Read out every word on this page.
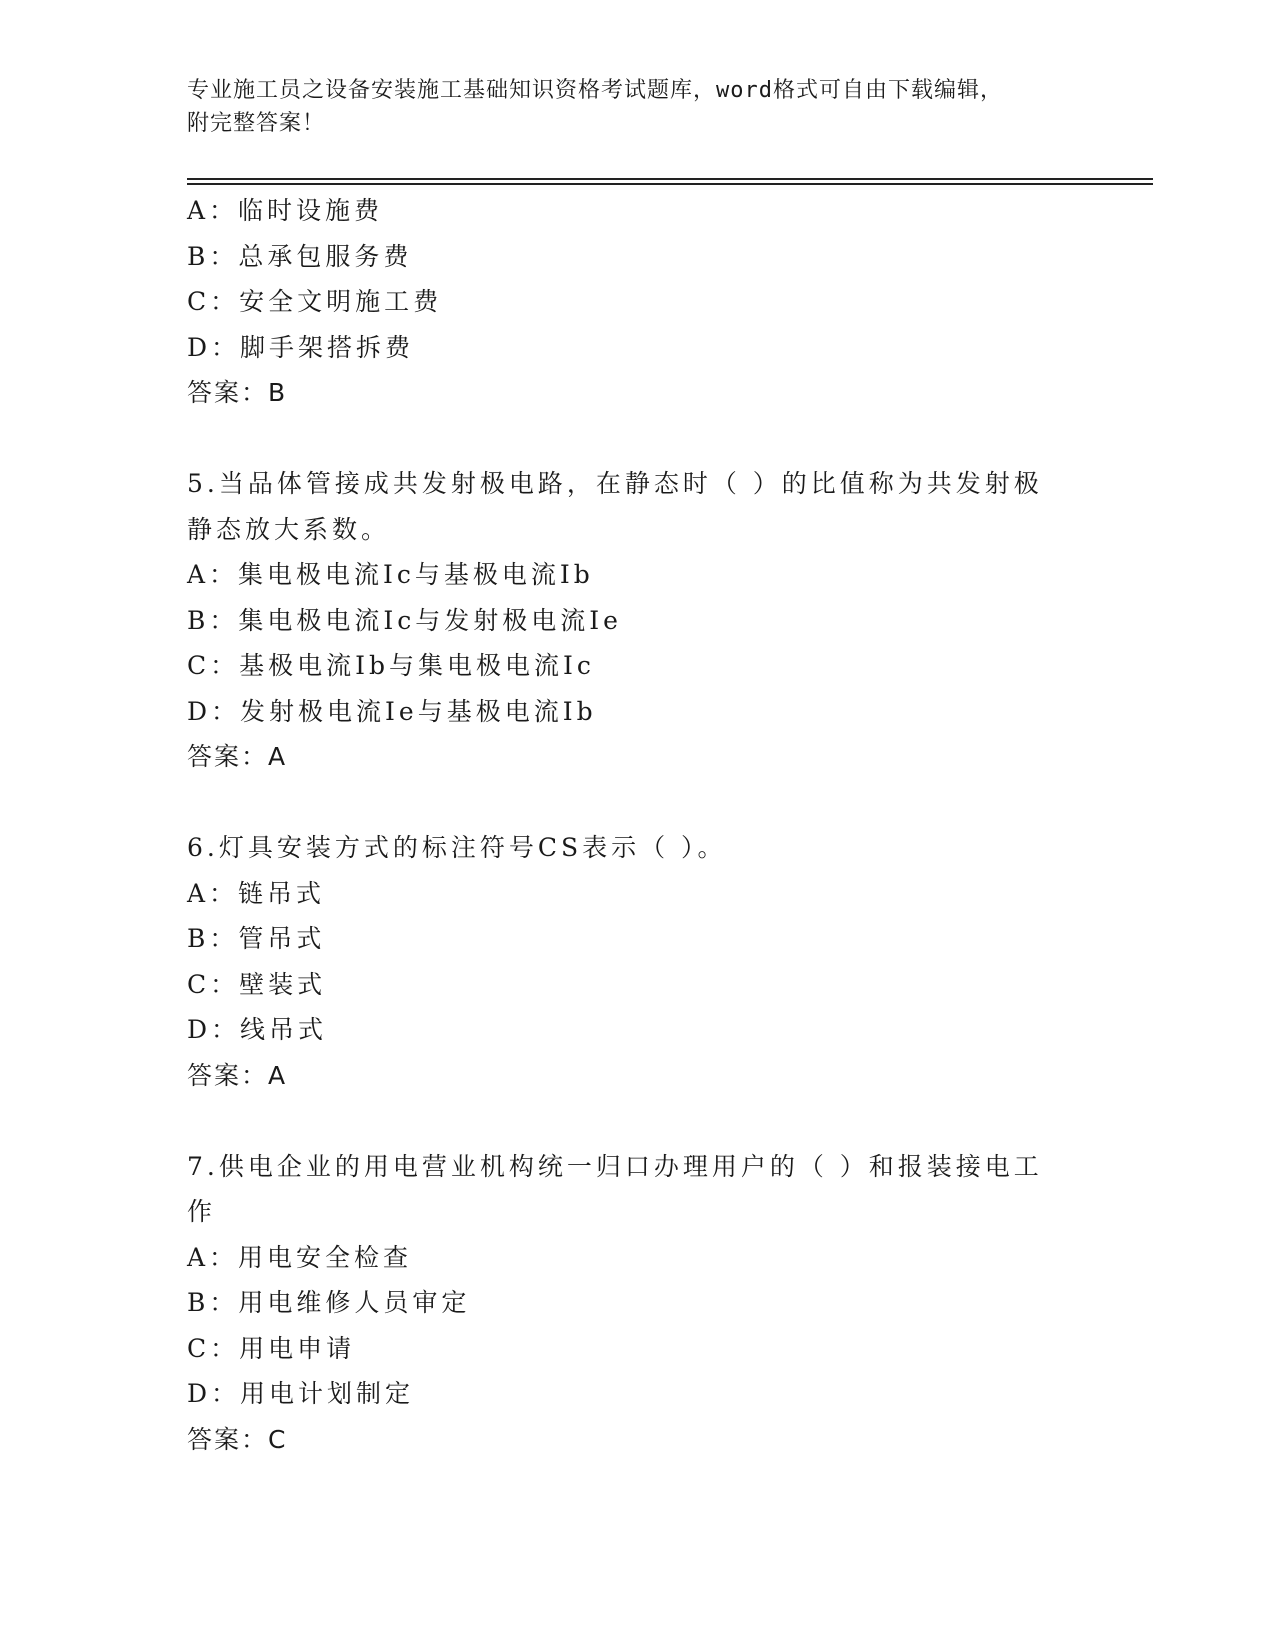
专业施工员之设备安装施工基础知识资格考试题库，word格式可自由下载编辑，
附完整答案！
A：临时设施费
B：总承包服务费
C：安全文明施工费
D：脚手架搭拆费
答案：B
5.当品体管接成共发射极电路，在静态时（ ）的比值称为共发射极静态放大系数。
A：集电极电流Ic与基极电流Ib
B：集电极电流Ic与发射极电流Ie
C：基极电流Ib与集电极电流Ic
D：发射极电流Ie与基极电流Ib
答案：A
6.灯具安装方式的标注符号CS表示（ ）。
A：链吊式
B：管吊式
C：壁装式
D：线吊式
答案：A
7.供电企业的用电营业机构统一归口办理用户的（ ）和报装接电工作
A：用电安全检查
B：用电维修人员审定
C：用电申请
D：用电计划制定
答案：C
